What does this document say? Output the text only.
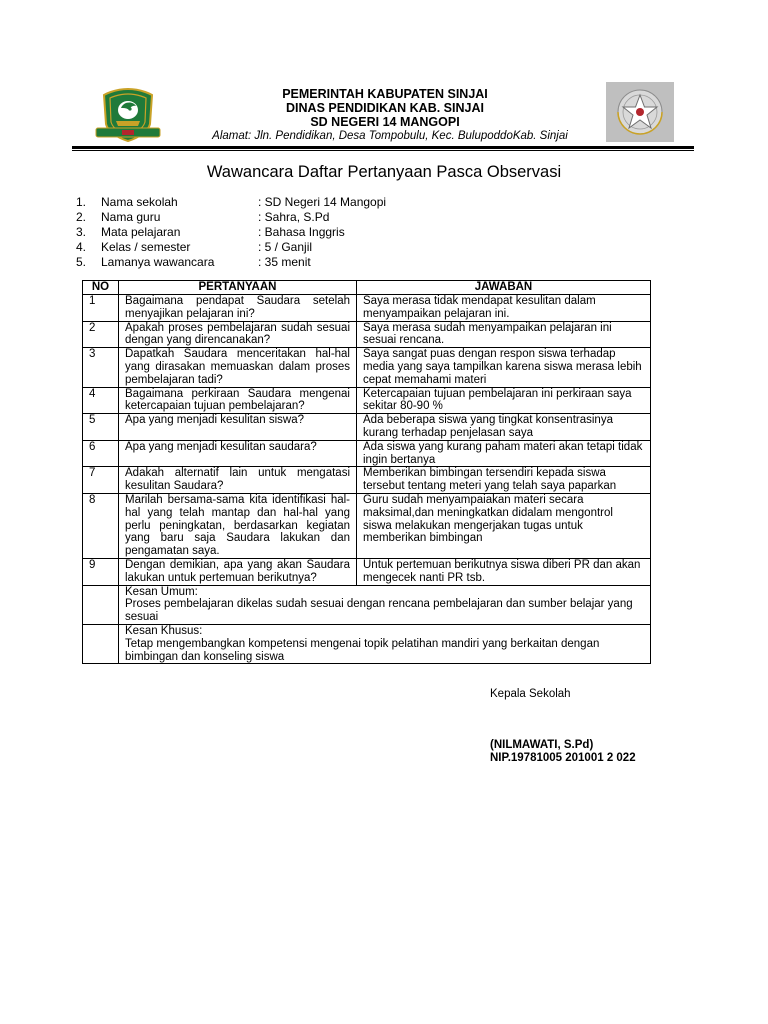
PEMERINTAH KABUPATEN SINJAI
DINAS PENDIDIKAN KAB. SINJAI
SD NEGERI 14 MANGOPI
Alamat: Jln. Pendidikan, Desa Tompobulu, Kec. BulupoddoKab. Sinjai
Wawancara Daftar Pertanyaan Pasca Observasi
1. Nama sekolah	: SD Negeri 14 Mangopi
2. Nama guru	: Sahra, S.Pd
3. Mata pelajaran	: Bahasa Inggris
4. Kelas / semester	: 5 / Ganjil
5. Lamanya wawancara	: 35 menit
NO	PERTANYAAN	JAWABAN
1	Bagaimana pendapat Saudara setelah menyajikan pelajaran ini?	Saya merasa tidak mendapat kesulitan dalam menyampaikan pelajaran ini.
2	Apakah proses pembelajaran sudah sesuai dengan yang direncanakan?	Saya merasa sudah menyampaikan pelajaran ini sesuai rencana.
3	Dapatkah Saudara menceritakan hal-hal yang dirasakan memuaskan dalam proses pembelajaran tadi?	Saya sangat puas dengan respon siswa terhadap media yang saya tampilkan karena siswa merasa lebih cepat memahami materi
4	Bagaimana perkiraan Saudara mengenai ketercapaian tujuan pembelajaran?	Ketercapaian tujuan pembelajaran ini perkiraan saya sekitar 80-90 %
5	Apa yang menjadi kesulitan siswa?	Ada beberapa siswa yang tingkat konsentrasinya kurang terhadap penjelasan saya
6	Apa yang menjadi kesulitan saudara?	Ada siswa yang kurang paham materi akan tetapi tidak ingin bertanya
7	Adakah alternatif lain untuk mengatasi kesulitan Saudara?	Memberikan bimbingan tersendiri kepada siswa tersebut tentang meteri yang telah saya paparkan
8	Marilah bersama-sama kita identifikasi hal-hal yang telah mantap dan hal-hal yang perlu peningkatan, berdasarkan kegiatan yang baru saja Saudara lakukan dan pengamatan saya.	Guru sudah menyampaiakan materi secara maksimal,dan meningkatkan didalam mengontrol siswa melakukan mengerjakan tugas untuk memberikan bimbingan
9	Dengan demikian, apa yang akan Saudara lakukan untuk pertemuan berikutnya?	Untuk pertemuan berikutnya siswa diberi PR dan akan mengecek nanti PR tsb.

	Kesan Umum:
Proses pembelajaran dikelas sudah sesuai dengan rencana pembelajaran dan sumber belajar yang sesuai	

	Kesan Khusus:
Tetap mengembangkan kompetensi mengenai topik pelatihan mandiri yang berkaitan dengan bimbingan dan konseling siswa	
Kepala Sekolah
(NILMAWATI, S.Pd)
NIP.19781005 201001 2 022
